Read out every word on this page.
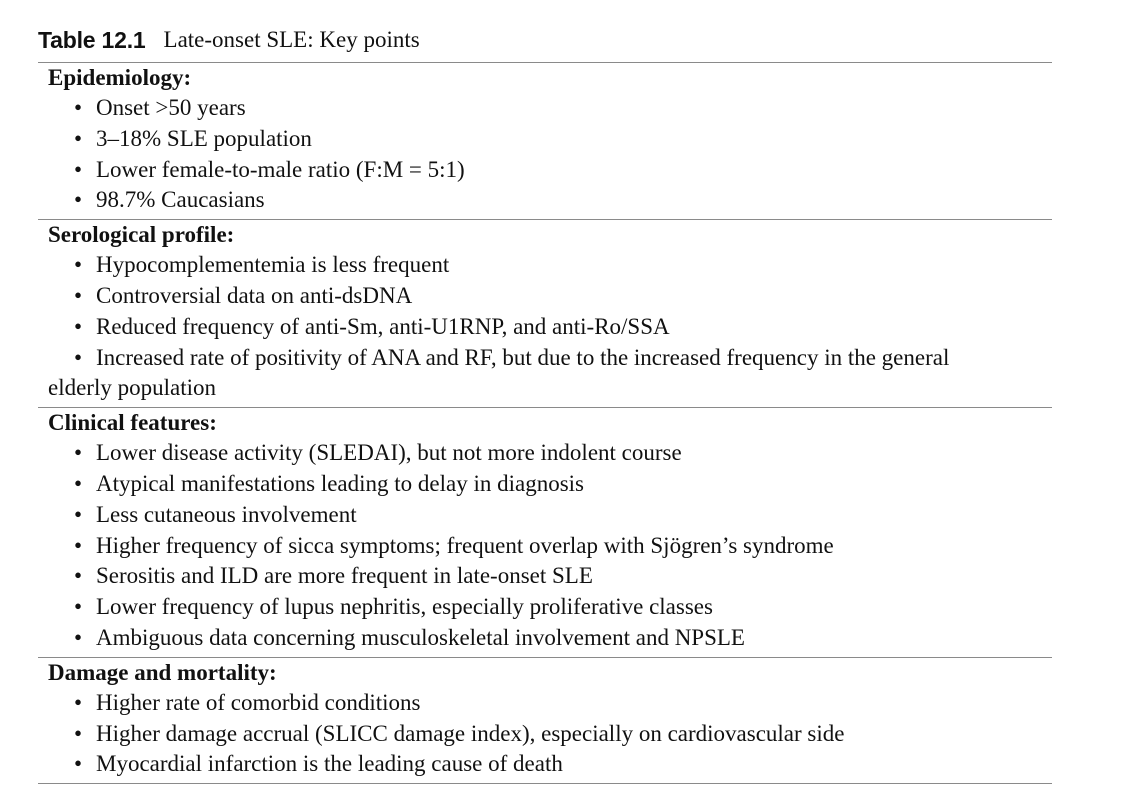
Table 12.1 Late-onset SLE: Key points
Epidemiology:
• Onset >50 years
• 3–18% SLE population
• Lower female-to-male ratio (F:M = 5:1)
• 98.7% Caucasians
Serological profile:
• Hypocomplementemia is less frequent
• Controversial data on anti-dsDNA
• Reduced frequency of anti-Sm, anti-U1RNP, and anti-Ro/SSA
• Increased rate of positivity of ANA and RF, but due to the increased frequency in the general elderly population
Clinical features:
• Lower disease activity (SLEDAI), but not more indolent course
• Atypical manifestations leading to delay in diagnosis
• Less cutaneous involvement
• Higher frequency of sicca symptoms; frequent overlap with Sjögren’s syndrome
• Serositis and ILD are more frequent in late-onset SLE
• Lower frequency of lupus nephritis, especially proliferative classes
• Ambiguous data concerning musculoskeletal involvement and NPSLE
Damage and mortality:
• Higher rate of comorbid conditions
• Higher damage accrual (SLICC damage index), especially on cardiovascular side
• Myocardial infarction is the leading cause of death
